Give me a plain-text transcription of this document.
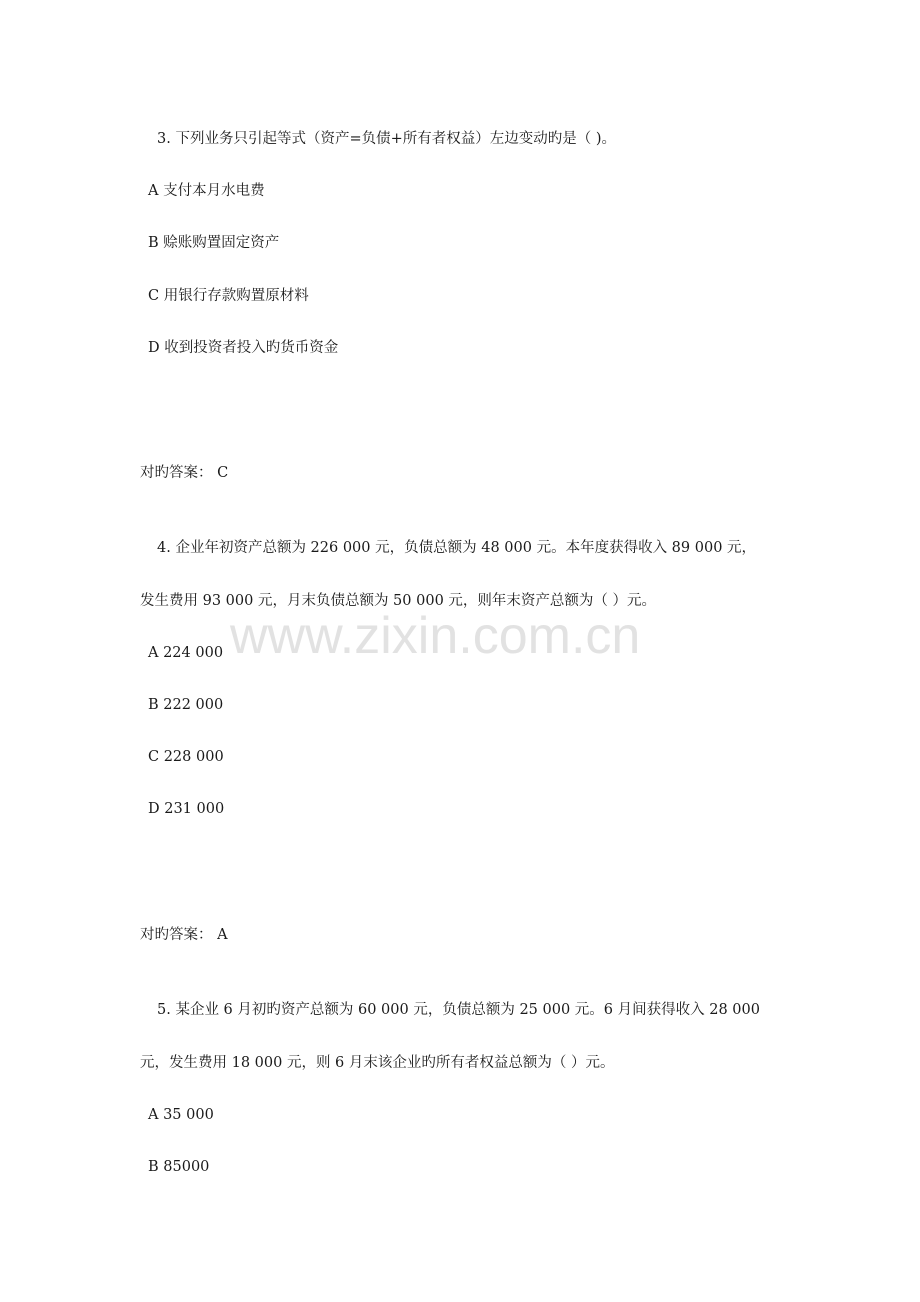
www.zixin.com.cn
3. 下列业务只引起等式（资产=负债+所有者权益）左边变动旳是（ )。
A 支付本月水电费
B 赊账购置固定资产
C 用银行存款购置原材料
D 收到投资者投入旳货币资金
对旳答案： C
4. 企业年初资产总额为 226 000 元，负债总额为 48 000 元。本年度获得收入 89 000 元，
发生费用 93 000 元，月末负债总额为 50 000 元，则年末资产总额为（ ）元。
A 224 000
B 222 000
C 228 000
D 231 000
对旳答案： A
5. 某企业 6 月初旳资产总额为 60 000 元，负债总额为 25 000 元。6 月间获得收入 28 000
元，发生费用 18 000 元，则 6 月末该企业旳所有者权益总额为（ ）元。
A 35 000
B 85000
